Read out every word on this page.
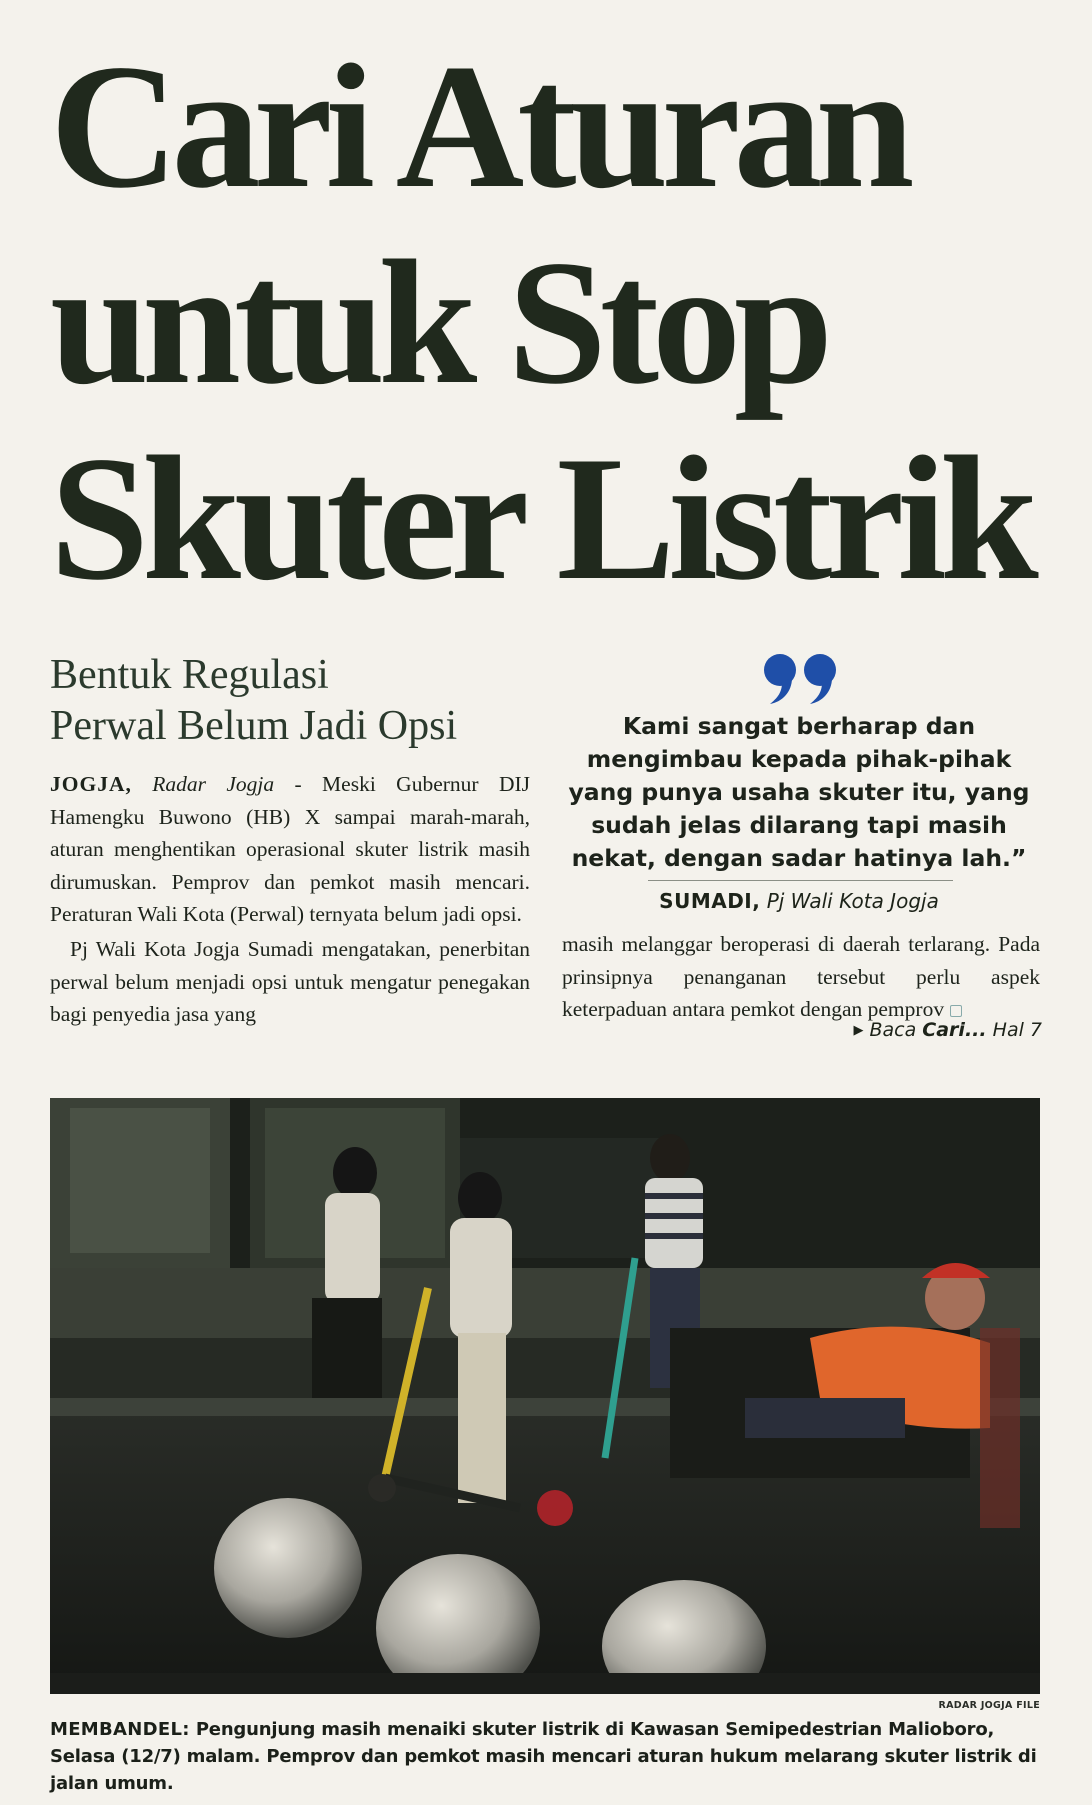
Cari Aturan
untuk Stop
Skuter Listrik
Bentuk Regulasi
Perwal Belum Jadi Opsi

JOGJA, Radar Jogja - Meski Gubernur DIJ Hamengku Buwono (HB) X sampai marah-marah, aturan menghentikan operasional skuter listrik masih dirumuskan. Pemprov dan pemkot masih mencari. Peraturan Wali Kota (Perwal) ternyata belum jadi opsi.

Pj Wali Kota Jogja Sumadi mengatakan, penerbitan perwal belum menjadi opsi untuk mengatur penegakan bagi penyedia jasa yang

Kami sangat berharap dan mengimbau kepada pihak-pihak yang punya usaha skuter itu, yang sudah jelas dilarang tapi masih nekat, dengan sadar hatinya lah.”

SUMADI, Pj Wali Kota Jogja

masih melanggar beroperasi di daerah terlarang. Pada prinsipnya penanganan tersebut perlu aspek keterpaduan antara pemkot dengan pemprov

▶ Baca Cari... Hal 7
RADAR JOGJA FILE

MEMBANDEL: Pengunjung masih menaiki skuter listrik di Kawasan Semipedestrian Malioboro, Selasa (12/7) malam. Pemprov dan pemkot masih mencari aturan hukum melarang skuter listrik di jalan umum.
